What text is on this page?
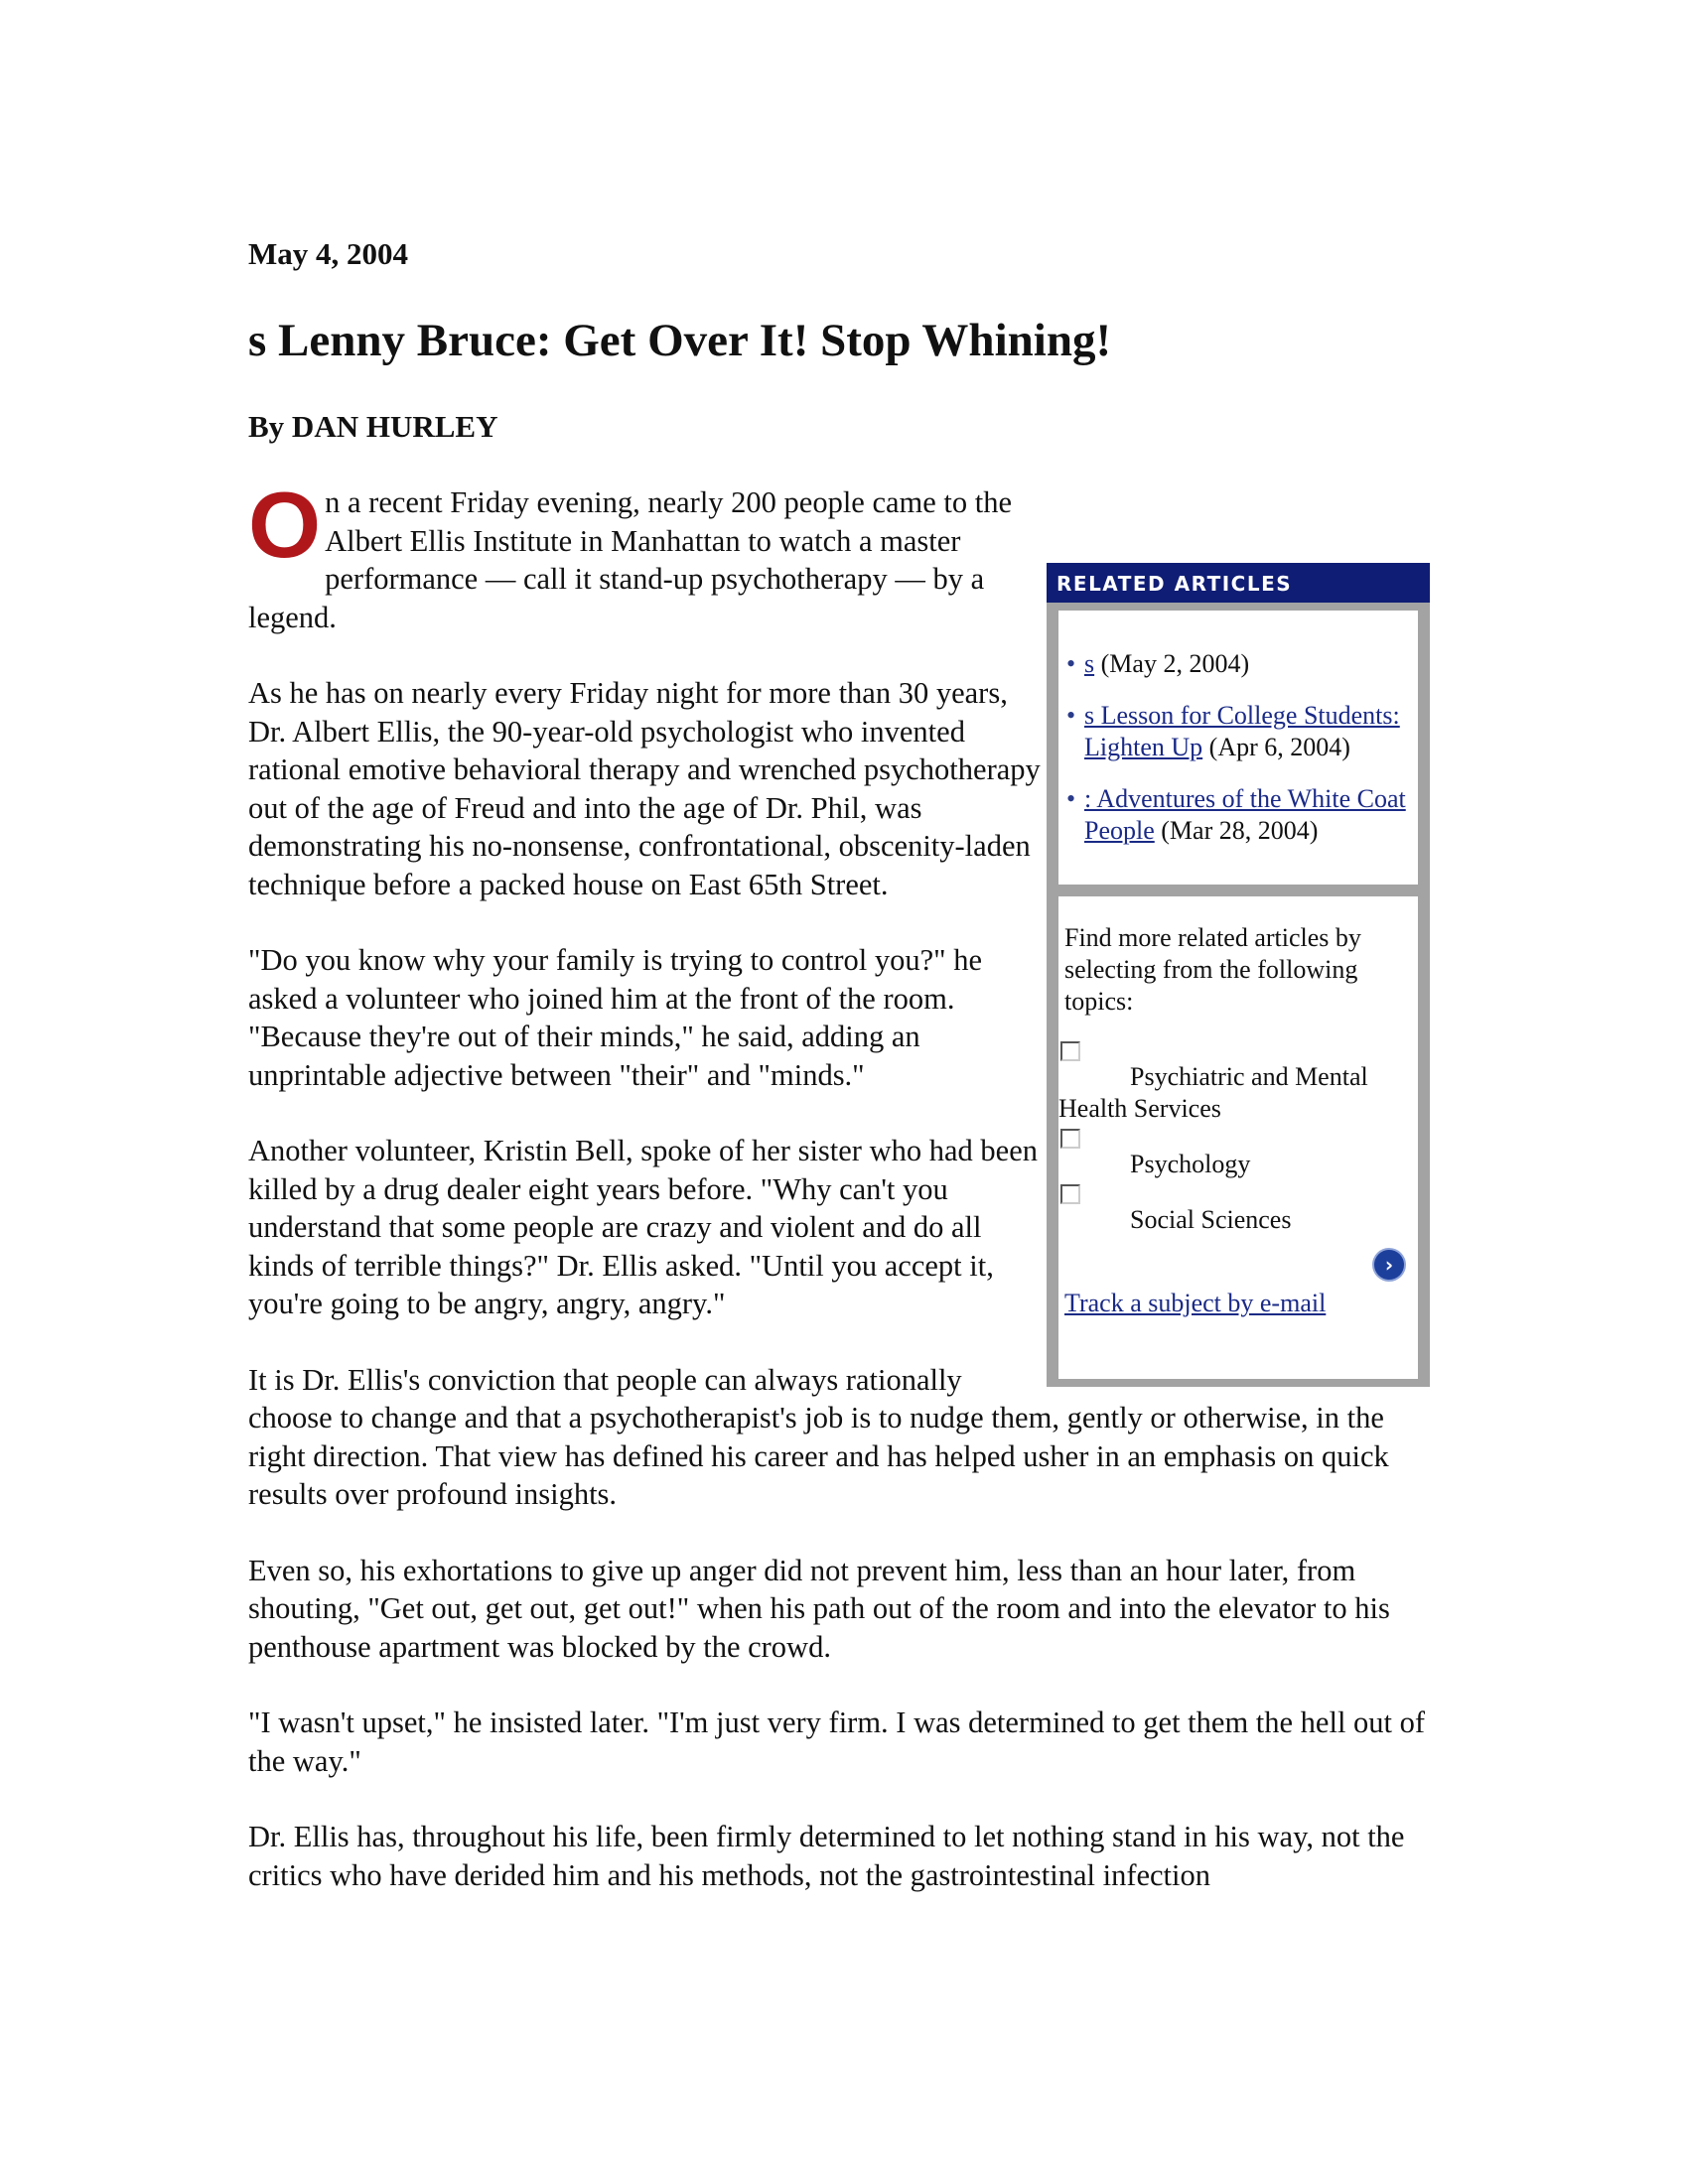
May 4, 2004
s Lenny Bruce: Get Over It! Stop Whining!
By DAN HURLEY
RELATED ARTICLES
• s (May 2, 2004)
• s Lesson for College Students: Lighten Up (Apr 6, 2004)
• : Adventures of the White Coat People (Mar 28, 2004)
Find more related articles by selecting from the following topics:
Psychiatric and Mental Health Services
Psychology
Social Sciences
›
Track a subject by e-mail

On a recent Friday evening, nearly 200 people came to the Albert Ellis Institute in Manhattan to watch a master performance — call it stand-up psychotherapy — by a legend.

As he has on nearly every Friday night for more than 30 years, Dr. Albert Ellis, the 90-year-old psychologist who invented rational emotive behavioral therapy and wrenched psychotherapy out of the age of Freud and into the age of Dr. Phil, was demonstrating his no-nonsense, confrontational, obscenity-laden technique before a packed house on East 65th Street.

"Do you know why your family is trying to control you?" he asked a volunteer who joined him at the front of the room. "Because they're out of their minds," he said, adding an unprintable adjective between "their" and "minds."

Another volunteer, Kristin Bell, spoke of her sister who had been killed by a drug dealer eight years before. "Why can't you understand that some people are crazy and violent and do all kinds of terrible things?" Dr. Ellis asked. "Until you accept it, you're going to be angry, angry, angry."

It is Dr. Ellis's conviction that people can always rationally choose to change and that a psychotherapist's job is to nudge them, gently or otherwise, in the right direction. That view has defined his career and has helped usher in an emphasis on quick results over profound insights.

Even so, his exhortations to give up anger did not prevent him, less than an hour later, from shouting, "Get out, get out, get out!" when his path out of the room and into the elevator to his penthouse apartment was blocked by the crowd.

"I wasn't upset," he insisted later. "I'm just very firm. I was determined to get them the hell out of the way."

Dr. Ellis has, throughout his life, been firmly determined to let nothing stand in his way, not the critics who have derided him and his methods, not the gastrointestinal infection
